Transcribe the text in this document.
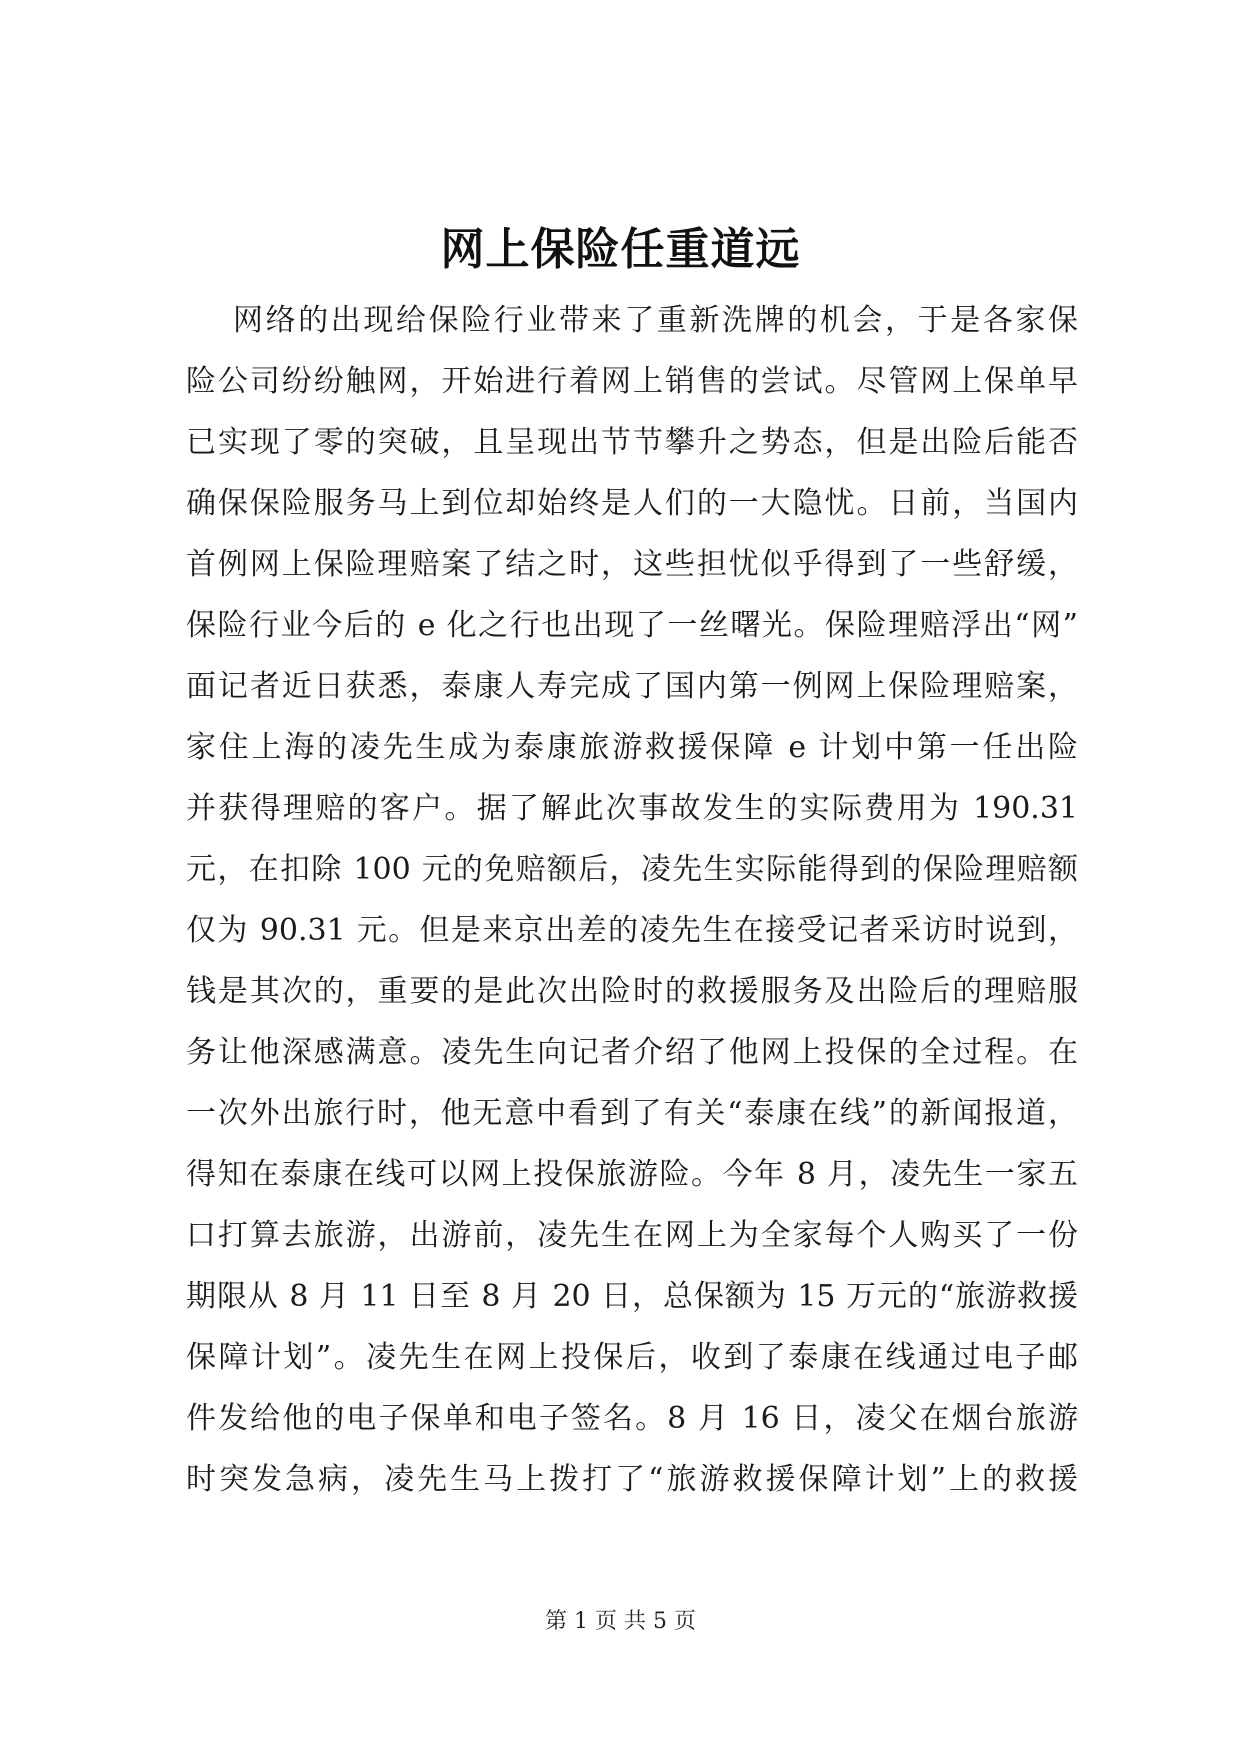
网上保险任重道远
网络的出现给保险行业带来了重新洗牌的机会，于是各家保
险公司纷纷触网，开始进行着网上销售的尝试。尽管网上保单早
已实现了零的突破，且呈现出节节攀升之势态，但是出险后能否
确保保险服务马上到位却始终是人们的一大隐忧。日前，当国内
首例网上保险理赔案了结之时，这些担忧似乎得到了一些舒缓，
保险行业今后的 e 化之行也出现了一丝曙光。保险理赔浮出“网”
面记者近日获悉，泰康人寿完成了国内第一例网上保险理赔案，
家住上海的凌先生成为泰康旅游救援保障 e 计划中第一任出险
并获得理赔的客户。据了解此次事故发生的实际费用为 190.31
元，在扣除 100 元的免赔额后，凌先生实际能得到的保险理赔额
仅为 90.31 元。但是来京出差的凌先生在接受记者采访时说到，
钱是其次的，重要的是此次出险时的救援服务及出险后的理赔服
务让他深感满意。凌先生向记者介绍了他网上投保的全过程。在
一次外出旅行时，他无意中看到了有关“泰康在线”的新闻报道，
得知在泰康在线可以网上投保旅游险。今年 8 月，凌先生一家五
口打算去旅游，出游前，凌先生在网上为全家每个人购买了一份
期限从 8 月 11 日至 8 月 20 日，总保额为 15 万元的“旅游救援
保障计划”。凌先生在网上投保后，收到了泰康在线通过电子邮
件发给他的电子保单和电子签名。8 月 16 日，凌父在烟台旅游
时突发急病，凌先生马上拨打了“旅游救援保障计划”上的救援
第 1 页 共 5 页
